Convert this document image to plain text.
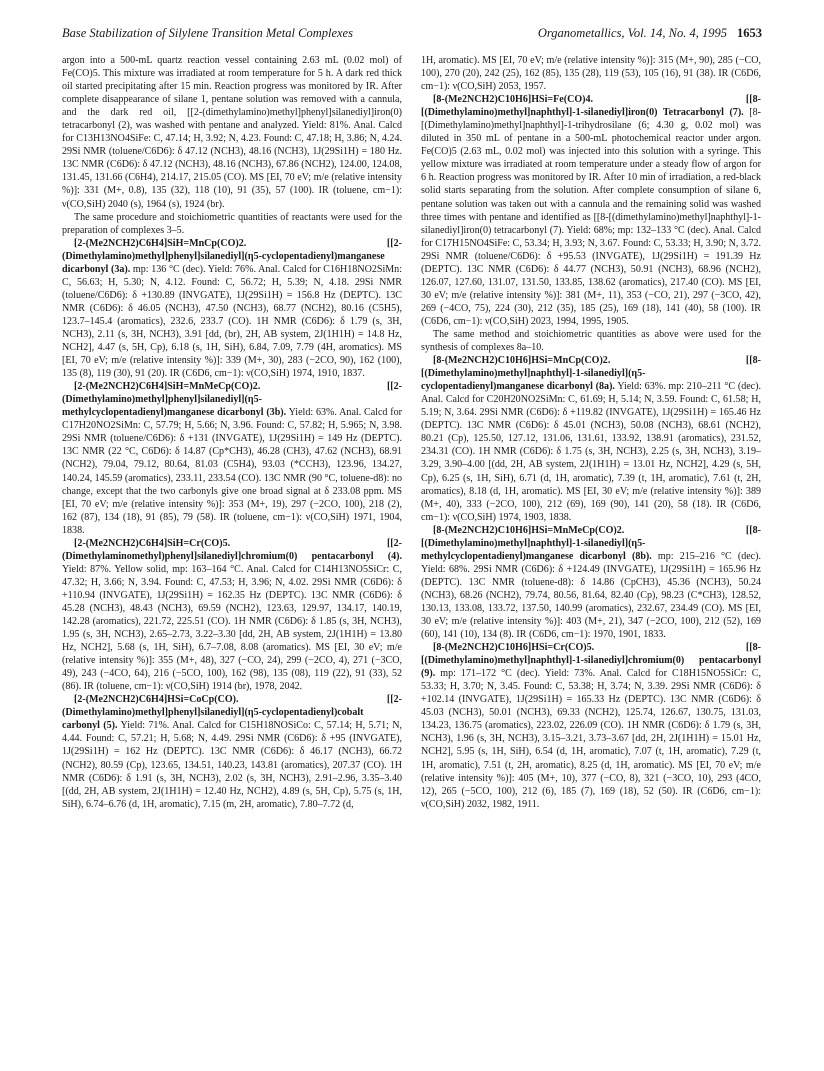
Base Stabilization of Silylene Transition Metal Complexes	Organometallics, Vol. 14, No. 4, 1995 1653

argon into a 500-mL quartz reaction vessel containing 2.63 mL (0.02 mol) of Fe(CO)5. This mixture was irradiated at room temperature for 5 h. A dark red thick oil started precipitating after 15 min. Reaction progress was monitored by IR. After complete disappearance of silane 1, pentane solution was removed with a cannula, and the dark red oil, [[2-(dimethylamino)methyl]phenyl]silanediyl]iron(0) tetracarbonyl (2), was washed with pentane and analyzed. Yield: 81%. Anal. Calcd for C13H13NO4SiFe: C, 47.14; H, 3.92; N, 4.23. Found: C, 47.18; H, 3.86; N, 4.24. 29Si NMR (toluene/C6D6): δ 47.12 (NCH3), 48.16 (NCH3), 1J(29Si1H) = 180 Hz. 13C NMR (C6D6): δ 47.12 (NCH3), 48.16 (NCH3), 67.86 (NCH2), 124.00, 124.08, 131.45, 131.66 (C6H4), 214.17, 215.05 (CO). MS [EI, 70 eV; m/e (relative intensity %)]: 331 (M+, 0.8), 135 (32), 118 (10), 91 (35), 57 (100). IR (toluene, cm−1): ν(CO,SiH) 2040 (s), 1964 (s), 1924 (br).

The same procedure and stoichiometric quantities of reactants were used for the preparation of complexes 3–5.

[2-(Me2NCH2)C6H4]SiH=MnCp(CO)2. [[2-(Dimethylamino)methyl]phenyl]silanediyl](η5-cyclopentadienyl)manganese dicarbonyl (3a). mp: 136 °C (dec). Yield: 76%. Anal. Calcd for C16H18NO2SiMn: C, 56.63; H, 5.30; N, 4.12. Found: C, 56.72; H, 5.39; N, 4.18. 29Si NMR (toluene/C6D6): δ +130.89 (INVGATE), 1J(29Si1H) = 156.8 Hz (DEPTC). 13C NMR (C6D6): δ 46.05 (NCH3), 47.50 (NCH3), 68.77 (NCH2), 80.16 (C5H5), 123.7–145.4 (aromatics), 232.6, 233.7 (CO). 1H NMR (C6D6): δ 1.79 (s, 3H, NCH3), 2.11 (s, 3H, NCH3), 3.91 [dd, (br), 2H, AB system, 2J(1H1H) = 14.8 Hz, NCH2], 4.47 (s, 5H, Cp), 6.18 (s, 1H, SiH), 6.84, 7.09, 7.79 (4H, aromatics). MS [EI, 70 eV; m/e (relative intensity %)]: 339 (M+, 30), 283 (−2CO, 90), 162 (100), 135 (8), 119 (30), 91 (20). IR (C6D6, cm−1): ν(CO,SiH) 1974, 1910, 1837.

[2-(Me2NCH2)C6H4]SiH=MnMeCp(CO)2. [[2-(Dimethylamino)methyl]phenyl]silanediyl](η5-methylcyclopentadienyl)manganese dicarbonyl (3b). Yield: 63%. Anal. Calcd for C17H20NO2SiMn: C, 57.79; H, 5.66; N, 3.96. Found: C, 57.82; H, 5.965; N, 3.98. 29Si NMR (toluene/C6D6): δ +131 (INVGATE), 1J(29Si1H) = 149 Hz (DEPTC). 13C NMR (22 °C, C6D6): δ 14.87 (Cp*CH3), 46.28 (CH3), 47.62 (NCH3), 68.91 (NCH2), 79.04, 79.12, 80.64, 81.03 (C5H4), 93.03 (*CCH3), 123.96, 134.27, 140.24, 145.59 (aromatics), 233.11, 233.54 (CO). 13C NMR (90 °C, toluene-d8): no change, except that the two carbonyls give one broad signal at δ 233.08 ppm. MS [EI, 70 eV; m/e (relative intensity %)]: 353 (M+, 19), 297 (−2CO, 100), 218 (2), 162 (87), 134 (18), 91 (85), 79 (58). IR (toluene, cm−1): ν(CO,SiH) 1971, 1904, 1838.

[2-(Me2NCH2)C6H4]SiH=Cr(CO)5. [[2-(Dimethylaminomethyl)phenyl]silanediyl]chromium(0) pentacarbonyl (4). Yield: 87%. Yellow solid, mp: 163–164 °C. Anal. Calcd for C14H13NO5SiCr: C, 47.32; H, 3.66; N, 3.94. Found: C, 47.53; H, 3.96; N, 4.02. 29Si NMR (C6D6): δ +110.94 (INVGATE), 1J(29Si1H) = 162.35 Hz (DEPTC). 13C NMR (C6D6): δ 45.28 (NCH3), 48.43 (NCH3), 69.59 (NCH2), 123.63, 129.97, 134.17, 140.19, 142.28 (aromatics), 221.72, 225.51 (CO). 1H NMR (C6D6): δ 1.85 (s, 3H, NCH3), 1.95 (s, 3H, NCH3), 2.65–2.73, 3.22–3.30 [dd, 2H, AB system, 2J(1H1H) = 13.80 Hz, NCH2], 5.68 (s, 1H, SiH), 6.7–7.08, 8.08 (aromatics). MS [EI, 30 eV; m/e (relative intensity %)]: 355 (M+, 48), 327 (−CO, 24), 299 (−2CO, 4), 271 (−3CO, 49), 243 (−4CO, 64), 216 (−5CO, 100), 162 (98), 135 (08), 119 (22), 91 (33), 52 (86). IR (toluene, cm−1): ν(CO,SiH) 1914 (br), 1978, 2042.

[2-(Me2NCH2)C6H4]HSi=CoCp(CO). [[2-(Dimethylamino)methyl]phenyl]silanediyl](η5-cyclopentadienyl)cobalt carbonyl (5). Yield: 71%. Anal. Calcd for C15H18NOSiCo: C, 57.14; H, 5.71; N, 4.44. Found: C, 57.21; H, 5.68; N, 4.49. 29Si NMR (C6D6): δ +95 (INVGATE), 1J(29Si1H) = 162 Hz (DEPTC). 13C NMR (C6D6): δ 46.17 (NCH3), 66.72 (NCH2), 80.59 (Cp), 123.65, 134.51, 140.23, 143.81 (aromatics), 207.37 (CO). 1H NMR (C6D6): δ 1.91 (s, 3H, NCH3), 2.02 (s, 3H, NCH3), 2.91–2.96, 3.35–3.40 [(dd, 2H, AB system, 2J(1H1H) = 12.40 Hz, NCH2), 4.89 (s, 5H, Cp), 5.75 (s, 1H, SiH), 6.74–6.76 (d, 1H, aromatic), 7.15 (m, 2H, aromatic), 7.80–7.72 (d,

1H, aromatic). MS [EI, 70 eV; m/e (relative intensity %)]: 315 (M+, 90), 285 (−CO, 100), 270 (20), 242 (25), 162 (85), 135 (28), 119 (53), 105 (16), 91 (38). IR (C6D6, cm−1): ν(CO,SiH) 2053, 1957.

[8-(Me2NCH2)C10H6]HSi=Fe(CO)4. [[8-[(Dimethylamino)methyl]naphthyl]-1-silanediyl]iron(0) Tetracarbonyl (7). [8-[(Dimethylamino)methyl]naphthyl]-1-trihydrosilane (6; 4.30 g, 0.02 mol) was diluted in 350 mL of pentane in a 500-mL photochemical reactor under argon. Fe(CO)5 (2.63 mL, 0.02 mol) was injected into this solution with a syringe. This yellow mixture was irradiated at room temperature under a steady flow of argon for 6 h. Reaction progress was monitored by IR. After 10 min of irradiation, a red-black solid starts separating from the solution. After complete consumption of silane 6, pentane solution was taken out with a cannula and the remaining solid was washed three times with pentane and identified as [[8-[(dimethylamino)methyl]naphthyl]-1-silanediyl]iron(0) tetracarbonyl (7). Yield: 68%; mp: 132–133 °C (dec). Anal. Calcd for C17H15NO4SiFe: C, 53.34; H, 3.93; N, 3.67. Found: C, 53.33; H, 3.90; N, 3.72. 29Si NMR (toluene/C6D6): δ +95.53 (INVGATE), 1J(29Si1H) = 191.39 Hz (DEPTC). 13C NMR (C6D6): δ 44.77 (NCH3), 50.91 (NCH3), 68.96 (NCH2), 126.07, 127.60, 131.07, 131.50, 133.85, 138.62 (aromatics), 217.40 (CO). MS [EI, 30 eV; m/e (relative intensity %)]: 381 (M+, 11), 353 (−CO, 21), 297 (−3CO, 42), 269 (−4CO, 75), 224 (30), 212 (35), 185 (25), 169 (18), 141 (40), 58 (100). IR (C6D6, cm−1): ν(CO,SiH) 2023, 1994, 1995, 1905.

The same method and stoichiometric quantities as above were used for the synthesis of complexes 8a–10.

[8-(Me2NCH2)C10H6]HSi=MnCp(CO)2. [[8-[(Dimethylamino)methyl]naphthyl]-1-silanediyl](η5-cyclopentadienyl)manganese dicarbonyl (8a). Yield: 63%. mp: 210–211 °C (dec). Anal. Calcd for C20H20NO2SiMn: C, 61.69; H, 5.14; N, 3.59. Found: C, 61.58; H, 5.19; N, 3.64. 29Si NMR (C6D6): δ +119.82 (INVGATE), 1J(29Si1H) = 165.46 Hz (DEPTC). 13C NMR (C6D6): δ 45.01 (NCH3), 50.08 (NCH3), 68.61 (NCH2), 80.21 (Cp), 125.50, 127.12, 131.06, 131.61, 133.92, 138.91 (aromatics), 231.52, 234.31 (CO). 1H NMR (C6D6): δ 1.75 (s, 3H, NCH3), 2.25 (s, 3H, NCH3), 3.19–3.29, 3.90–4.00 [(dd, 2H, AB system, 2J(1H1H) = 13.01 Hz, NCH2], 4.29 (s, 5H, Cp), 6.25 (s, 1H, SiH), 6.71 (d, 1H, aromatic), 7.39 (t, 1H, aromatic), 7.61 (t, 2H, aromatics), 8.18 (d, 1H, aromatic). MS [EI, 30 eV; m/e (relative intensity %)]: 389 (M+, 40), 333 (−2CO, 100), 212 (69), 169 (90), 141 (20), 58 (18). IR (C6D6, cm−1): ν(CO,SiH) 1974, 1903, 1838.

[8-(Me2NCH2)C10H6]HSi=MnMeCp(CO)2. [[8-[(Dimethylamino)methyl]naphthyl]-1-silanediyl](η5-methylcyclopentadienyl)manganese dicarbonyl (8b). mp: 215–216 °C (dec). Yield: 68%. 29Si NMR (C6D6): δ +124.49 (INVGATE), 1J(29Si1H) = 165.96 Hz (DEPTC). 13C NMR (toluene-d8): δ 14.86 (CpCH3), 45.36 (NCH3), 50.24 (NCH3), 68.26 (NCH2), 79.74, 80.56, 81.64, 82.40 (Cp), 98.23 (C*CH3), 128.52, 130.13, 133.08, 133.72, 137.50, 140.99 (aromatics), 232.67, 234.49 (CO). MS [EI, 30 eV; m/e (relative intensity %)]: 403 (M+, 21), 347 (−2CO, 100), 212 (52), 169 (60), 141 (10), 134 (8). IR (C6D6, cm−1): 1970, 1901, 1833.

[8-(Me2NCH2)C10H6]HSi=Cr(CO)5. [[8-[(Dimethylamino)methyl]naphthyl]-1-silanediyl]chromium(0) pentacarbonyl (9). mp: 171–172 °C (dec). Yield: 73%. Anal. Calcd for C18H15NO5SiCr: C, 53.33; H, 3.70; N, 3.45. Found: C, 53.38; H, 3.74; N, 3.39. 29Si NMR (C6D6): δ +102.14 (INVGATE), 1J(29Si1H) = 165.33 Hz (DEPTC). 13C NMR (C6D6): δ 45.03 (NCH3), 50.01 (NCH3), 69.33 (NCH2), 125.74, 126.67, 130.75, 131.03, 134.23, 136.75 (aromatics), 223.02, 226.09 (CO). 1H NMR (C6D6): δ 1.79 (s, 3H, NCH3), 1.96 (s, 3H, NCH3), 3.15–3.21, 3.73–3.67 [dd, 2H, 2J(1H1H) = 15.01 Hz, NCH2], 5.95 (s, 1H, SiH), 6.54 (d, 1H, aromatic), 7.07 (t, 1H, aromatic), 7.29 (t, 1H, aromatic), 7.51 (t, 2H, aromatic), 8.25 (d, 1H, aromatic). MS [EI, 70 eV; m/e (relative intensity %)]: 405 (M+, 10), 377 (−CO, 8), 321 (−3CO, 10), 293 (4CO, 12), 265 (−5CO, 100), 212 (6), 185 (7), 169 (18), 52 (50). IR (C6D6, cm−1): ν(CO,SiH) 2032, 1982, 1911.
